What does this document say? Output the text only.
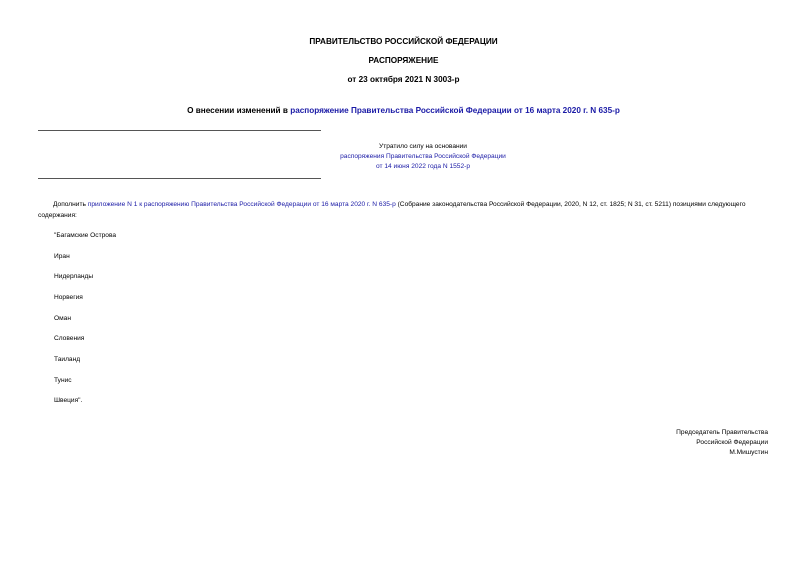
ПРАВИТЕЛЬСТВО РОССИЙСКОЙ ФЕДЕРАЦИИ
РАСПОРЯЖЕНИЕ
от 23 октября 2021 N 3003-р
О внесении изменений в распоряжение Правительства Российской Федерации от 16 марта 2020 г. N 635-р
Утратило силу на основании
распоряжения Правительства Российской Федерации
от 14 июня 2022 года N 1552-р
Дополнить приложение N 1 к распоряжению Правительства Российской Федерации от 16 марта 2020 г. N 635-р (Собрание законодательства Российской Федерации, 2020, N 12, ст. 1825; N 31, ст. 5211) позициями следующего содержания:
"Багамские Острова
Иран
Нидерланды
Норвегия
Оман
Словения
Таиланд
Тунис
Швеция".
Председатель Правительства
Российской Федерации
М.Мишустин
